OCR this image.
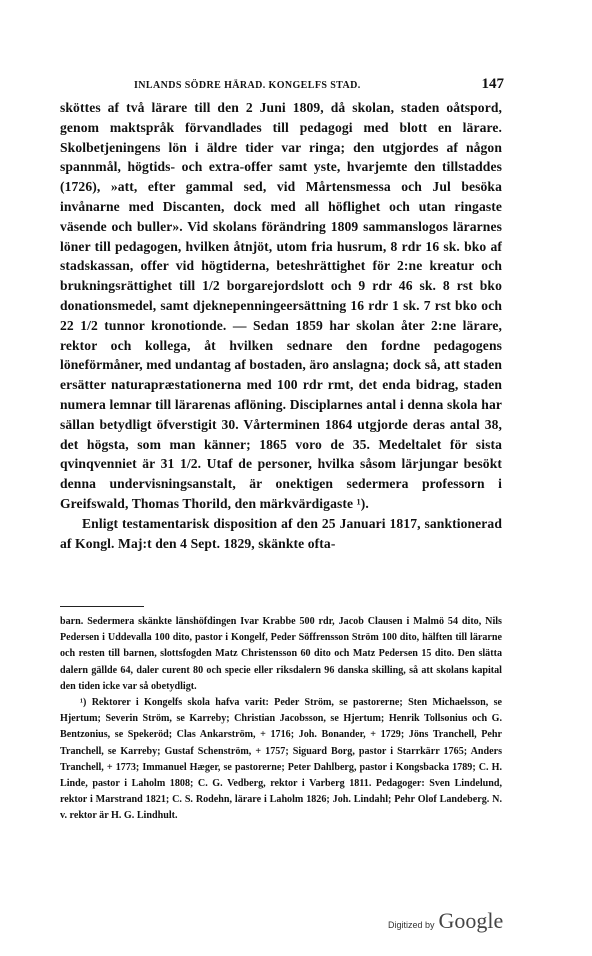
INLANDS SÖDRE HÄRAD. KONGELFS STAD.	147

sköttes af två lärare till den 2 Juni 1809, då skolan, staden oåtspord, genom maktspråk förvandlades till pedagogi med blott en lärare. Skolbetjeningens lön i äldre tider var ringa; den utgjordes af någon spannmål, högtids- och extra-offer samt yste, hvarjemte den tillstaddes (1726), »att, efter gammal sed, vid Mårtensmessa och Jul besöka invånarne med Discanten, dock med all höflighet och utan ringaste väsende och buller». Vid skolans förändring 1809 sammanslogos lärarnes löner till pedagogen, hvilken åtnjöt, utom fria husrum, 8 rdr 16 sk. bko af stadskassan, offer vid högtiderna, beteshrättighet för 2:ne kreatur och brukningsrättighet till 1/2 borgarejordslott och 9 rdr 46 sk. 8 rst bko donationsmedel, samt djeknepenningeersättning 16 rdr 1 sk. 7 rst bko och 22 1/2 tunnor kronotionde. — Sedan 1859 har skolan åter 2:ne lärare, rektor och kollega, åt hvilken sednare den fordne pedagogens löneförmåner, med undantag af bostaden, äro anslagna; dock så, att staden ersätter naturapræstationerna med 100 rdr rmt, det enda bidrag, staden numera lemnar till lärarenas aflöning. Disciplarnes antal i denna skola har sällan betydligt öfverstigit 30. Vårterminen 1864 utgjorde deras antal 38, det högsta, som man känner; 1865 voro de 35. Medeltalet för sista qvinqvenniet är 31 1/2. Utaf de personer, hvilka såsom lärjungar besökt denna undervisningsanstalt, är onektigen sedermera professorn i Greifswald, Thomas Thorild, den märkvärdigaste ¹).

Enligt testamentarisk disposition af den 25 Januari 1817, sanktionerad af Kongl. Maj:t den 4 Sept. 1829, skänkte ofta-

barn. Sedermera skänkte länshöfdingen Ivar Krabbe 500 rdr, Jacob Clausen i Malmö 54 dito, Nils Pedersen i Uddevalla 100 dito, pastor i Kongelf, Peder Söffrensson Ström 100 dito, hälften till lärarne och resten till barnen, slottsfogden Matz Christensson 60 dito och Matz Pedersen 15 dito. Den slätta dalern gällde 64, daler curent 80 och specie eller riksdalern 96 danska skilling, så att skolans kapital den tiden icke var så obetydligt.

¹) Rektorer i Kongelfs skola hafva varit: Peder Ström, se pastorerne; Sten Michaelsson, se Hjertum; Severin Ström, se Karreby; Christian Jacobsson, se Hjertum; Henrik Tollsonius och G. Bentzonius, se Spekeröd; Clas Ankarström, + 1716; Joh. Bonander, + 1729; Jöns Tranchell, Pehr Tranchell, se Karreby; Gustaf Schenström, + 1757; Siguard Borg, pastor i Starrkärr 1765; Anders Tranchell, + 1773; Immanuel Hæger, se pastorerne; Peter Dahlberg, pastor i Kongsbacka 1789; C. H. Linde, pastor i Laholm 1808; C. G. Vedberg, rektor i Varberg 1811. Pedagoger: Sven Lindelund, rektor i Marstrand 1821; C. S. Rodehn, lärare i Laholm 1826; Joh. Lindahl; Pehr Olof Landeberg. N. v. rektor är H. G. Lindhult.

Digitized by Google
